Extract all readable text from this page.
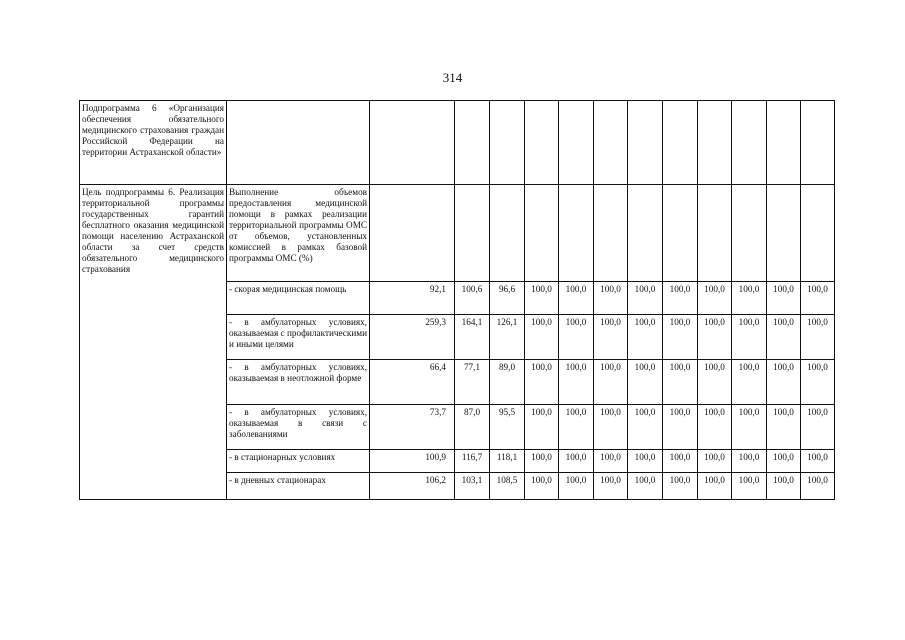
314
Подпрограмма 6 «Организация обеспечения обязательного медицинского страхования граждан Российской Федерации на территории Астраханской области»													
Цель подпрограммы 6. Реализация территориальной программы государственных гарантий бесплатного оказания медицинской помощи населению Астраханской области за счет средств обязательного медицинского страхования	Выполнение объемов предоставления медицинской помощи в рамках реализации территориальной программы ОМС от объемов, установленных комиссией в рамках базовой программы ОМС (%)												
	- скорая медицинская помощь	92,1	100,6	96,6	100,0	100,0	100,0	100,0	100,0	100,0	100,0	100,0	100,0
	- в амбулаторных условиях, оказываемая с профилактическими и иными целями	259,3	164,1	126,1	100,0	100,0	100,0	100,0	100,0	100,0	100,0	100,0	100,0
	- в амбулаторных условиях, оказываемая в неотложной форме	66,4	77,1	89,0	100,0	100,0	100,0	100,0	100,0	100,0	100,0	100,0	100,0
	- в амбулаторных условиях, оказываемая в связи с заболеваниями	73,7	87,0	95,5	100,0	100,0	100,0	100,0	100,0	100,0	100,0	100,0	100,0
	- в стационарных условиях	100,9	116,7	118,1	100,0	100,0	100,0	100,0	100,0	100,0	100,0	100,0	100,0
	- в дневных стационарах	106,2	103,1	108,5	100,0	100,0	100,0	100,0	100,0	100,0	100,0	100,0	100,0
